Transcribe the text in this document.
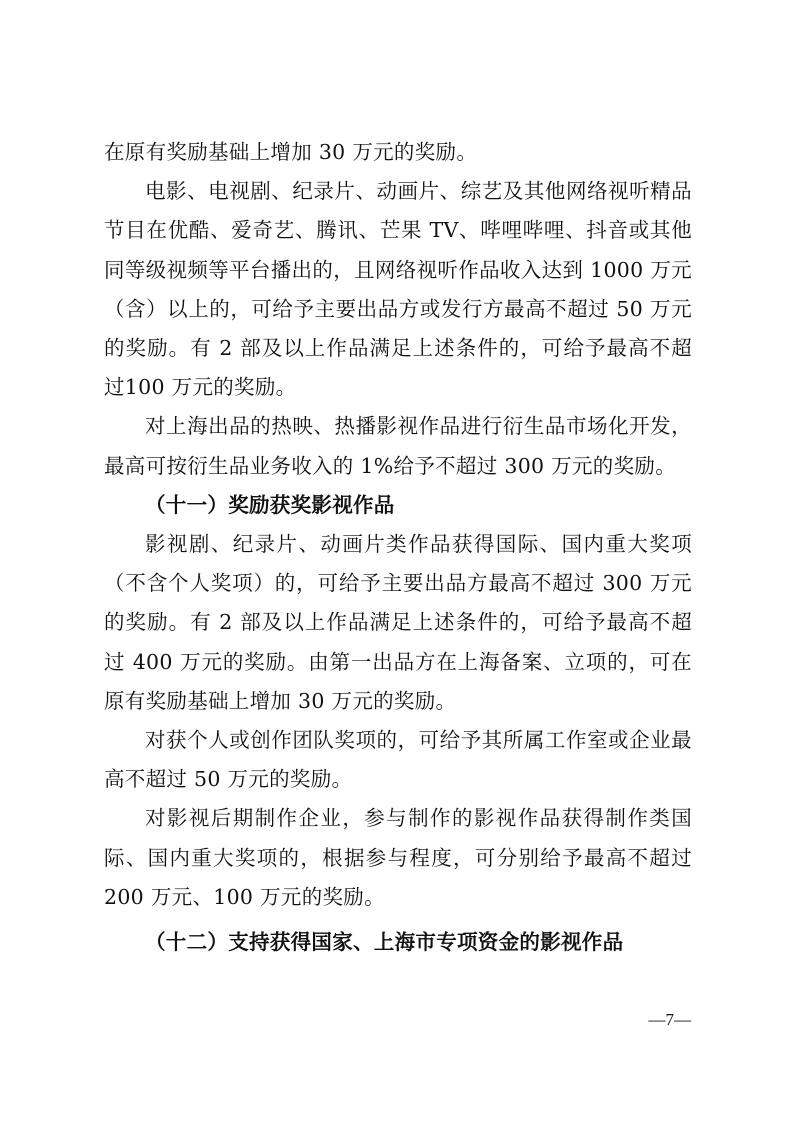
在原有奖励基础上增加 30 万元的奖励。

电影、电视剧、纪录片、动画片、综艺及其他网络视听精品节目在优酷、爱奇艺、腾讯、芒果 TV、哔哩哔哩、抖音或其他同等级视频等平台播出的，且网络视听作品收入达到 1000 万元（含）以上的，可给予主要出品方或发行方最高不超过 50 万元的奖励。有 2 部及以上作品满足上述条件的，可给予最高不超过100 万元的奖励。

对上海出品的热映、热播影视作品进行衍生品市场化开发，最高可按衍生品业务收入的 1%给予不超过 300 万元的奖励。

（十一）奖励获奖影视作品

影视剧、纪录片、动画片类作品获得国际、国内重大奖项（不含个人奖项）的，可给予主要出品方最高不超过 300 万元的奖励。有 2 部及以上作品满足上述条件的，可给予最高不超过 400 万元的奖励。由第一出品方在上海备案、立项的，可在原有奖励基础上增加 30 万元的奖励。

对获个人或创作团队奖项的，可给予其所属工作室或企业最高不超过 50 万元的奖励。

对影视后期制作企业，参与制作的影视作品获得制作类国际、国内重大奖项的，根据参与程度，可分别给予最高不超过200 万元、100 万元的奖励。

（十二）支持获得国家、上海市专项资金的影视作品

—7—
